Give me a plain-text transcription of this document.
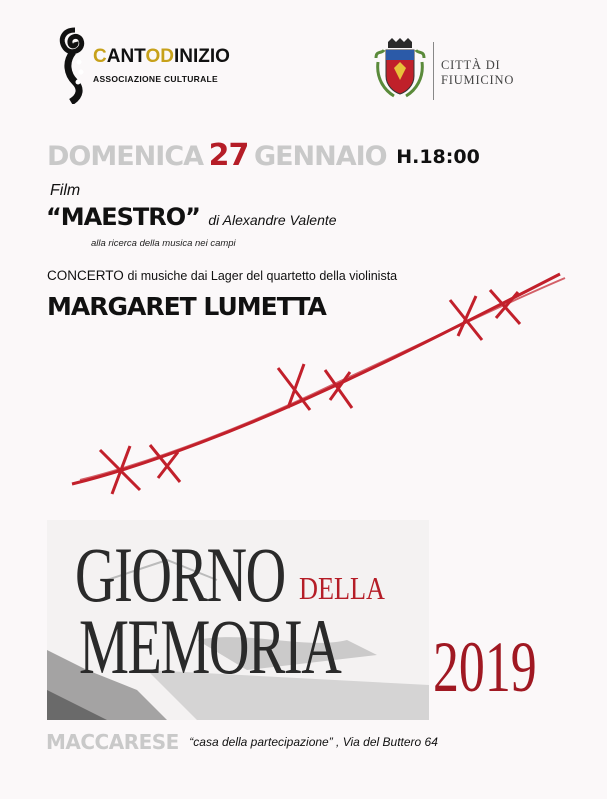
CANTODINIZIO
ASSOCIAZIONE CULTURALE
CITTÀ DI
FIUMICINO
DOMENICA 27 GENNAIO H.18:00
Film
“MAESTRO” di Alexandre Valente
alla ricerca della musica nei campi
CONCERTO di musiche dai Lager del quartetto della violinista
MARGARET LUMETTA
GIORNO DELLA
MEMORIA 2019
MACCARESE “casa della partecipazione” , Via del Buttero 64
